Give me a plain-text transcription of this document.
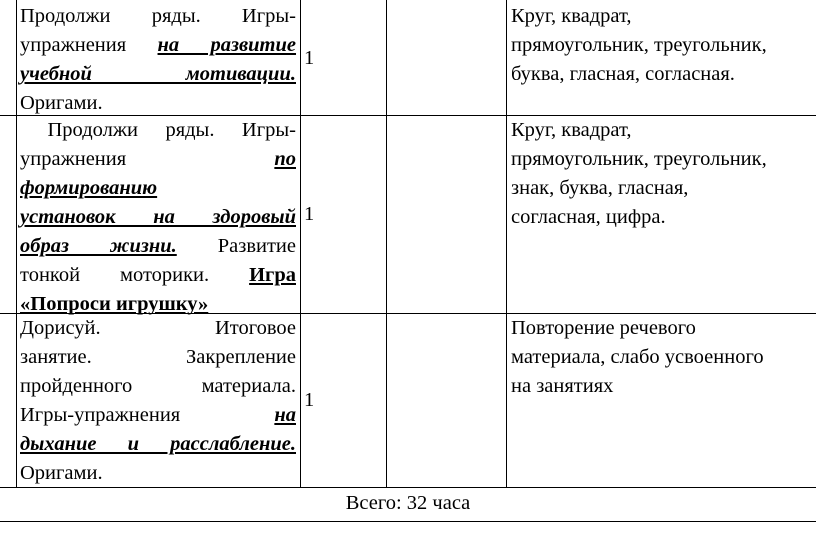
Продолжи ряды. Игры-
упражнения на развитие
учебной мотивации.
Оригами.
1
Круг, квадрат,
прямоугольник, треугольник,
буква, гласная, согласная.
Продолжи ряды. Игры-
упражнения	по
формированию
установок на здоровый
образ жизни. Развитие
тонкой моторики. Игра
«Попроси игрушку»
1
Круг, квадрат,
прямоугольник, треугольник,
знак, буква, гласная,
согласная, цифра.
Дорисуй. Итоговое
занятие. Закрепление
пройденного материала.
Игры-упражнения	на
дыхание и расслабление.
Оригами.
1
Повторение речевого
материала, слабо усвоенного
на занятиях
Всего: 32 часа
